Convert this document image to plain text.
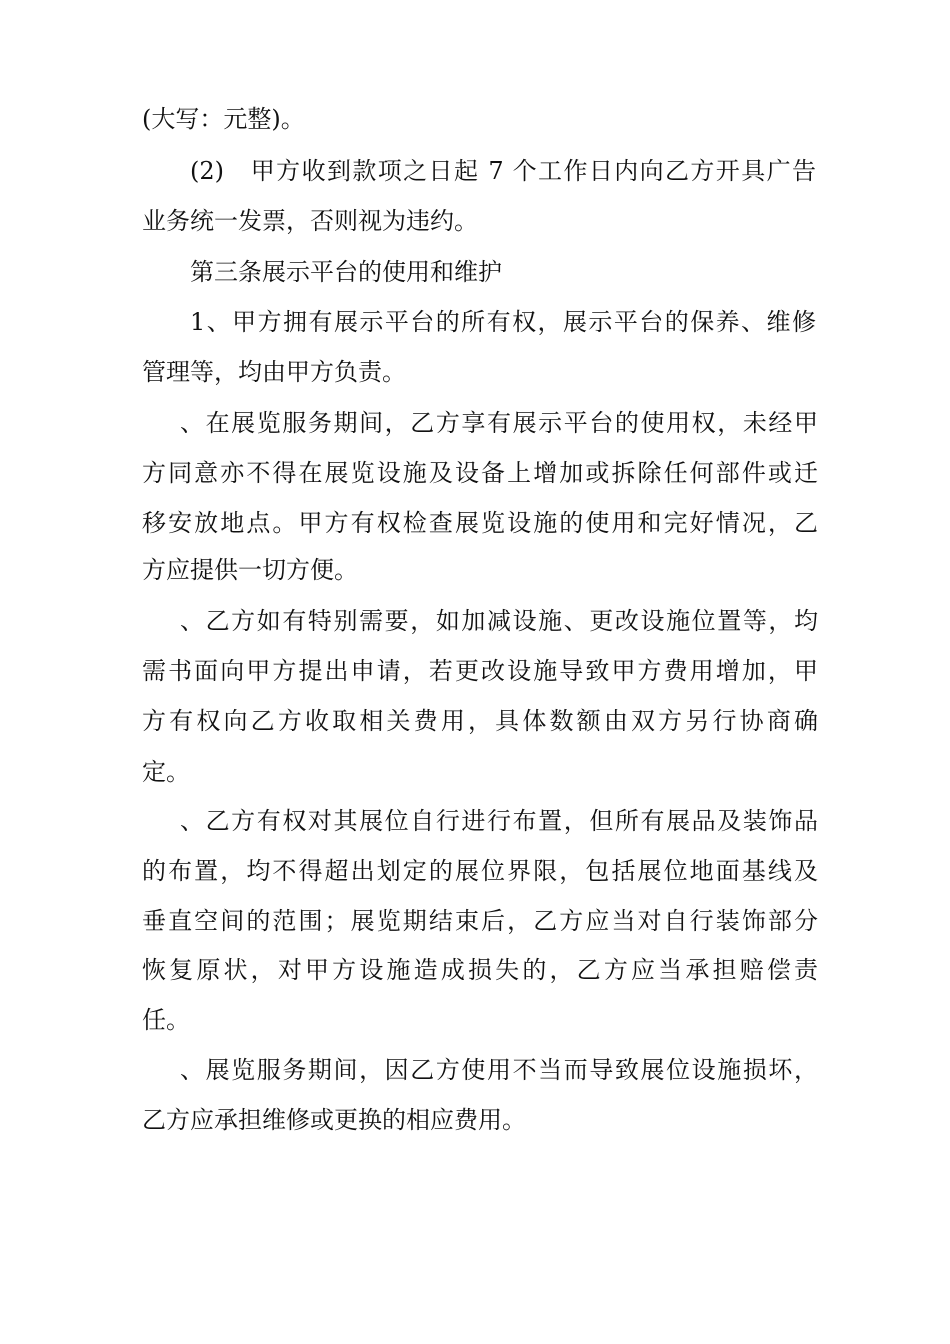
(大写：元整)。
(2)　甲方收到款项之日起 7 个工作日内向乙方开具广告
业务统一发票，否则视为违约。
第三条展示平台的使用和维护
1、甲方拥有展示平台的所有权，展示平台的保养、维修
管理等，均由甲方负责。
、在展览服务期间，乙方享有展示平台的使用权，未经甲
方同意亦不得在展览设施及设备上增加或拆除任何部件或迁
移安放地点。甲方有权检查展览设施的使用和完好情况，乙
方应提供一切方便。
、乙方如有特别需要，如加减设施、更改设施位置等，均
需书面向甲方提出申请，若更改设施导致甲方费用增加，甲
方有权向乙方收取相关费用，具体数额由双方另行协商确
定。
、乙方有权对其展位自行进行布置，但所有展品及装饰品
的布置，均不得超出划定的展位界限，包括展位地面基线及
垂直空间的范围；展览期结束后，乙方应当对自行装饰部分
恢复原状，对甲方设施造成损失的，乙方应当承担赔偿责
任。
、展览服务期间，因乙方使用不当而导致展位设施损坏，
乙方应承担维修或更换的相应费用。
